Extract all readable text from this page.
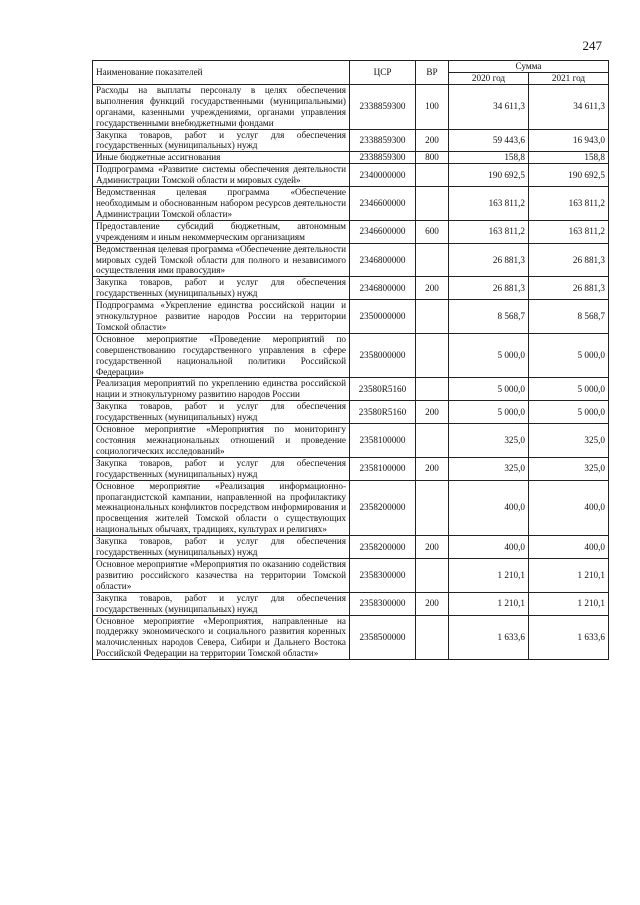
247
Наименование показателей	ЦСР	ВР	Сумма	
			2020 год	2021 год
Расходы на выплаты персоналу в целях обеспечения выполнения функций государственными (муниципальными) органами, казенными учреждениями, органами управления государственными внебюджетными фондами	2338859300	100	34 611,3	34 611,3
Закупка товаров, работ и услуг для обеспечения государственных (муниципальных) нужд	2338859300	200	59 443,6	16 943,0
Иные бюджетные ассигнования	2338859300	800	158,8	158,8
Подпрограмма «Развитие системы обеспечения деятельности Администрации Томской области и мировых судей»	2340000000		190 692,5	190 692,5
Ведомственная целевая программа «Обеспечение необходимым и обоснованным набором ресурсов деятельности Администрации Томской области»	2346600000		163 811,2	163 811,2
Предоставление субсидий бюджетным, автономным учреждениям и иным некоммерческим организациям	2346600000	600	163 811,2	163 811,2
Ведомственная целевая программа «Обеспечение деятельности мировых судей Томской области для полного и независимого осуществления ими правосудия»	2346800000		26 881,3	26 881,3
Закупка товаров, работ и услуг для обеспечения государственных (муниципальных) нужд	2346800000	200	26 881,3	26 881,3
Подпрограмма «Укрепление единства российской нации и этнокультурное развитие народов России на территории Томской области»	2350000000		8 568,7	8 568,7
Основное мероприятие «Проведение мероприятий по совершенствованию государственного управления в сфере государственной национальной политики Российской Федерации»	2358000000		5 000,0	5 000,0
Реализация мероприятий по укреплению единства российской нации и этнокультурному развитию народов России	23580R5160		5 000,0	5 000,0
Закупка товаров, работ и услуг для обеспечения государственных (муниципальных) нужд	23580R5160	200	5 000,0	5 000,0
Основное мероприятие «Мероприятия по мониторингу состояния межнациональных отношений и проведение социологических исследований»	2358100000		325,0	325,0
Закупка товаров, работ и услуг для обеспечения государственных (муниципальных) нужд	2358100000	200	325,0	325,0
Основное мероприятие «Реализация информационно-пропагандистской кампании, направленной на профилактику межнациональных конфликтов посредством информирования и просвещения жителей Томской области о существующих национальных обычаях, традициях, культурах и религиях»	2358200000		400,0	400,0
Закупка товаров, работ и услуг для обеспечения государственных (муниципальных) нужд	2358200000	200	400,0	400,0
Основное мероприятие «Мероприятия по оказанию содействия развитию российского казачества на территории Томской области»	2358300000		1 210,1	1 210,1
Закупка товаров, работ и услуг для обеспечения государственных (муниципальных) нужд	2358300000	200	1 210,1	1 210,1
Основное мероприятие «Мероприятия, направленные на поддержку экономического и социального развития коренных малочисленных народов Севера, Сибири и Дальнего Востока Российской Федерации на территории Томской области»	2358500000		1 633,6	1 633,6
